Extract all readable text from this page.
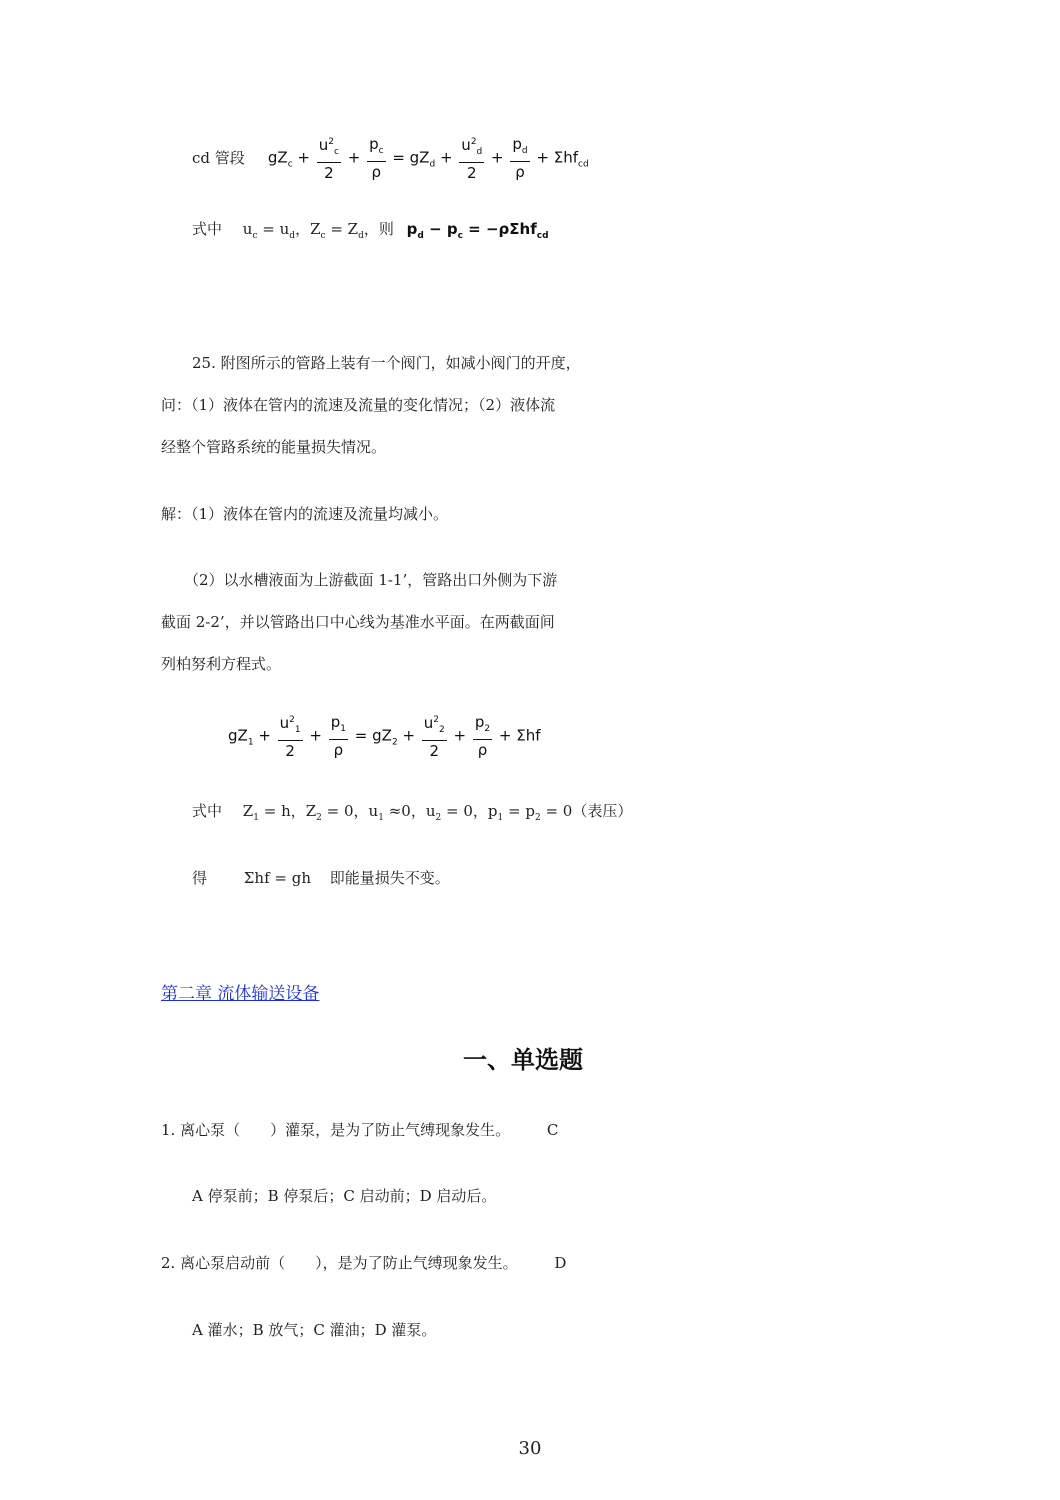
cd 管段 $gZ_c + \frac{u^2_c}{2} + \frac{p_c}{\rho} = gZ_d + \frac{u^2_d}{2} + \frac{p_d}{\rho} + \Sigma hf_{cd}$
式中 $u_c = u_d$，$Z_c = Z_d$，则 $p_d - p_c = -\rho\Sigma hf_{cd}$
25. 附图所示的管路上装有一个阀门，如减小阀门的开度，
问：（1）液体在管内的流速及流量的变化情况；（2）液体流
经整个管路系统的能量损失情况。
解：（1）液体在管内的流速及流量均减小。
（2）以水槽液面为上游截面 1-1’，管路出口外侧为下游
截面 2-2’，并以管路出口中心线为基准水平面。在两截面间
列柏努利方程式。
$gZ_1 + \frac{u^2_1}{2} + \frac{p_1}{\rho} = gZ_2 + \frac{u^2_2}{2} + \frac{p_2}{\rho} + \Sigma hf$
式中 $Z_1 = h$，$Z_2 = 0$，$u_1 \approx 0$，$u_2 = 0$，$p_1 = p_2 = 0$（表压）
得 Σhf = gh 即能量损失不变。
第二章 流体输送设备
一、单选题
1. 离心泵（　　）灌泵，是为了防止气缚现象发生。 C
A 停泵前；B 停泵后；C 启动前；D 启动后。
2. 离心泵启动前（　　），是为了防止气缚现象发生。 D
A 灌水；B 放气；C 灌油；D 灌泵。
30
